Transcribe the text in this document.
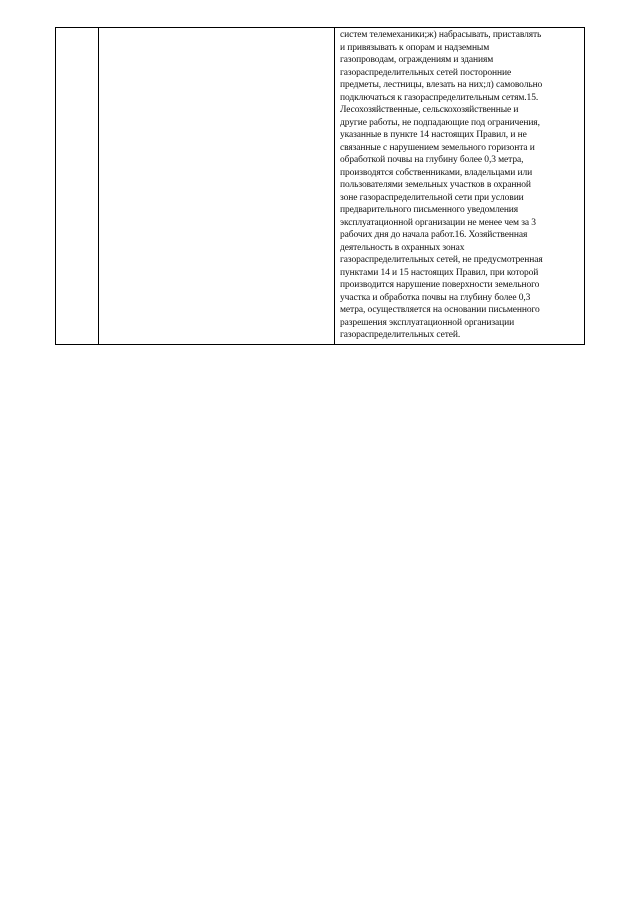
систем телемеханики;ж) набрасывать, приставлять
и привязывать к опорам и надземным
газопроводам, ограждениям и зданиям
газораспределительных сетей посторонние
предметы, лестницы, влезать на них;л) самовольно
подключаться к газораспределительным сетям.15.
Лесохозяйственные, сельскохозяйственные и
другие работы, не подпадающие под ограничения,
указанные в пункте 14 настоящих Правил, и не
связанные с нарушением земельного горизонта и
обработкой почвы на глубину более 0,3 метра,
производятся собственниками, владельцами или
пользователями земельных участков в охранной
зоне газораспределительной сети при условии
предварительного письменного уведомления
эксплуатационной организации не менее чем за 3
рабочих дня до начала работ.16. Хозяйственная
деятельность в охранных зонах
газораспределительных сетей, не предусмотренная
пунктами 14 и 15 настоящих Правил, при которой
производится нарушение поверхности земельного
участка и обработка почвы на глубину более 0,3
метра, осуществляется на основании письменного
разрешения эксплуатационной организации
газораспределительных сетей.
